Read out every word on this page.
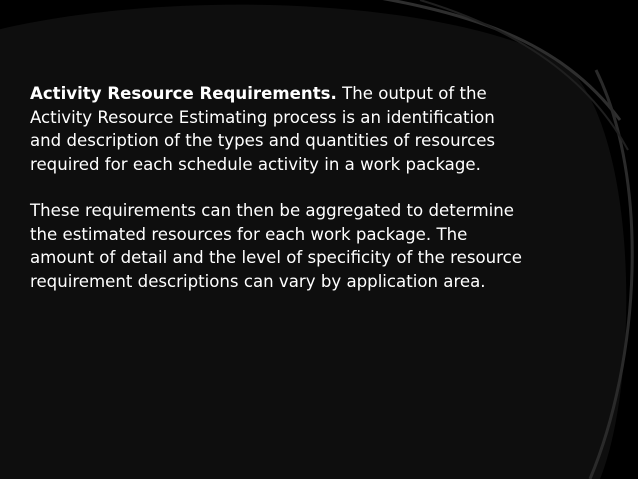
Activity Resource Requirements. The output of the Activity Resource Estimating process is an identification and description of the types and quantities of resources required for each schedule activity in a work package.

These requirements can then be aggregated to determine the estimated resources for each work package. The amount of detail and the level of specificity of the resource requirement descriptions can vary by application area.
